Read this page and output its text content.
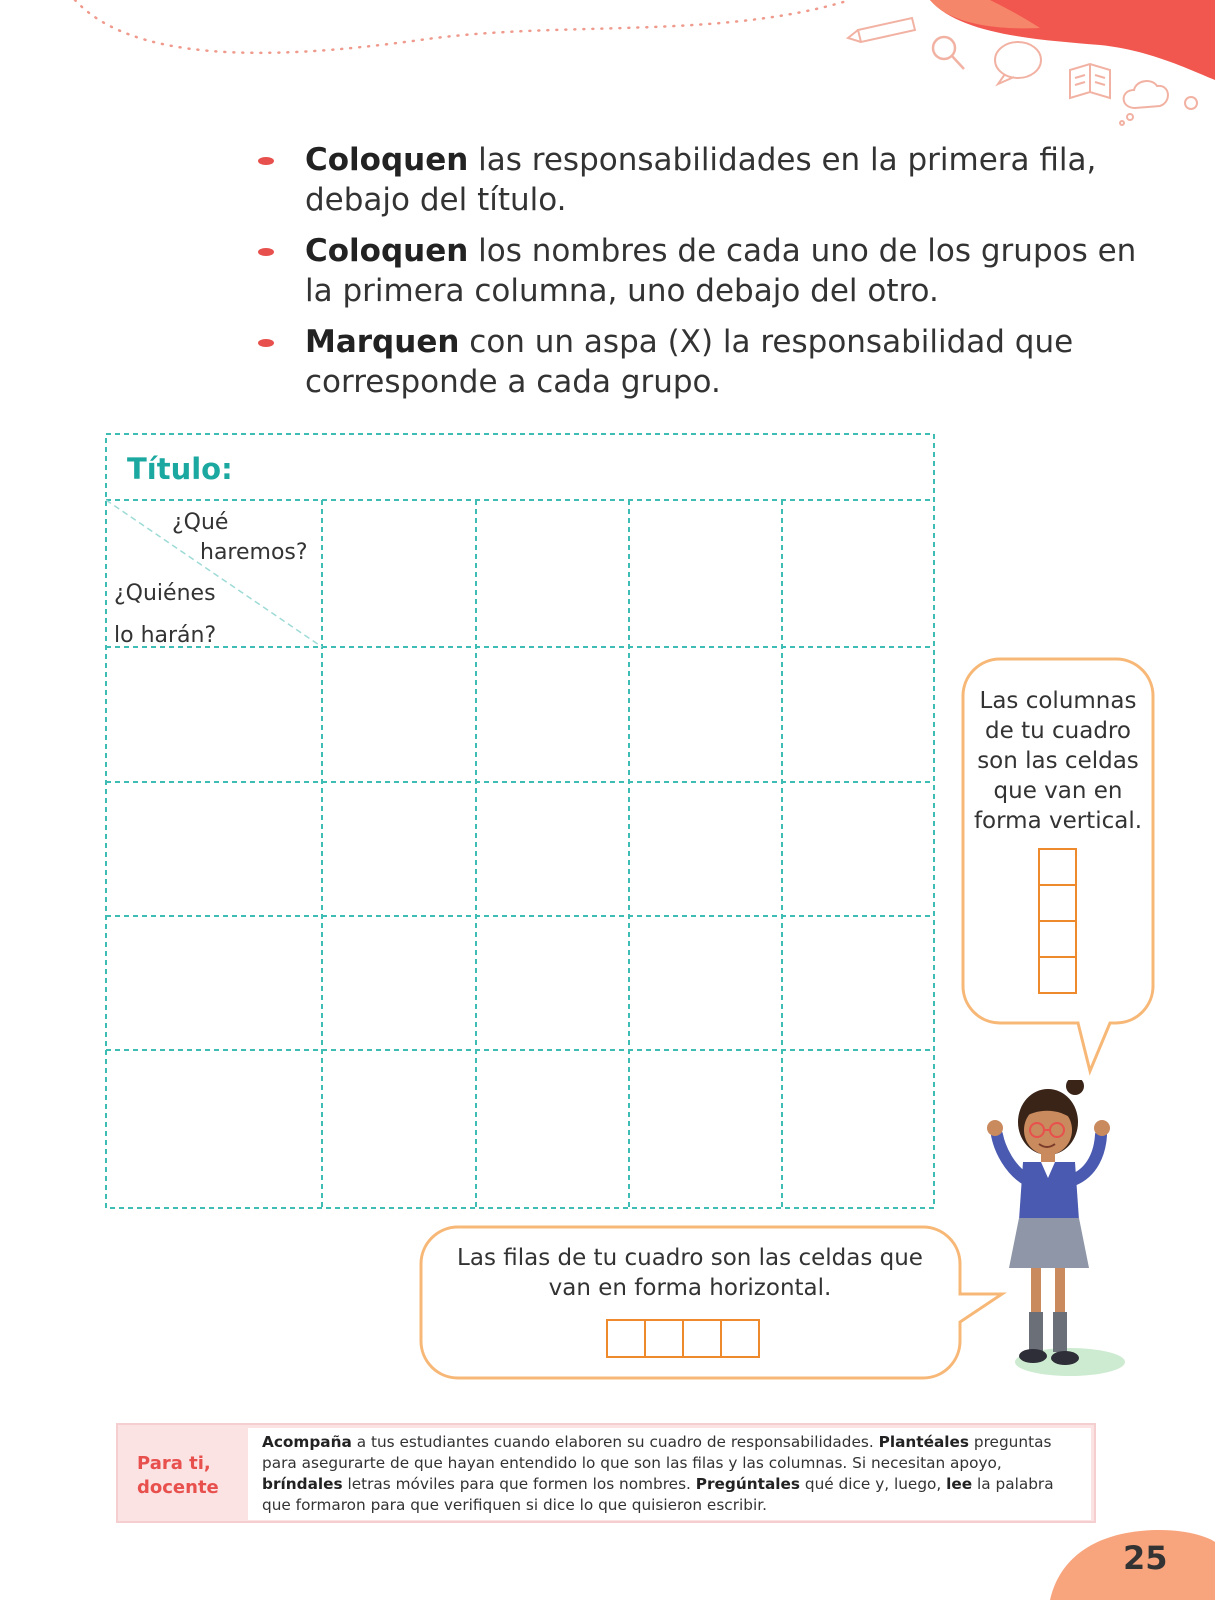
Coloquen las responsabilidades en la primera fila, debajo del título.
Coloquen los nombres de cada uno de los grupos en la primera columna, uno debajo del otro.
Marquen con un aspa (X) la responsabilidad que corresponde a cada grupo.
Título:
¿Qué
haremos?
¿Quiénes
lo harán?
Las columnas de tu cuadro son las celdas que van en forma vertical.
Las filas de tu cuadro son las celdas que van en forma horizontal.
Para ti,
docente
Acompaña a tus estudiantes cuando elaboren su cuadro de responsabilidades. Plantéales preguntas para asegurarte de que hayan entendido lo que son las filas y las columnas. Si necesitan apoyo, bríndales letras móviles para que formen los nombres. Pregúntales qué dice y, luego, lee la palabra que formaron para que verifiquen si dice lo que quisieron escribir.
25
